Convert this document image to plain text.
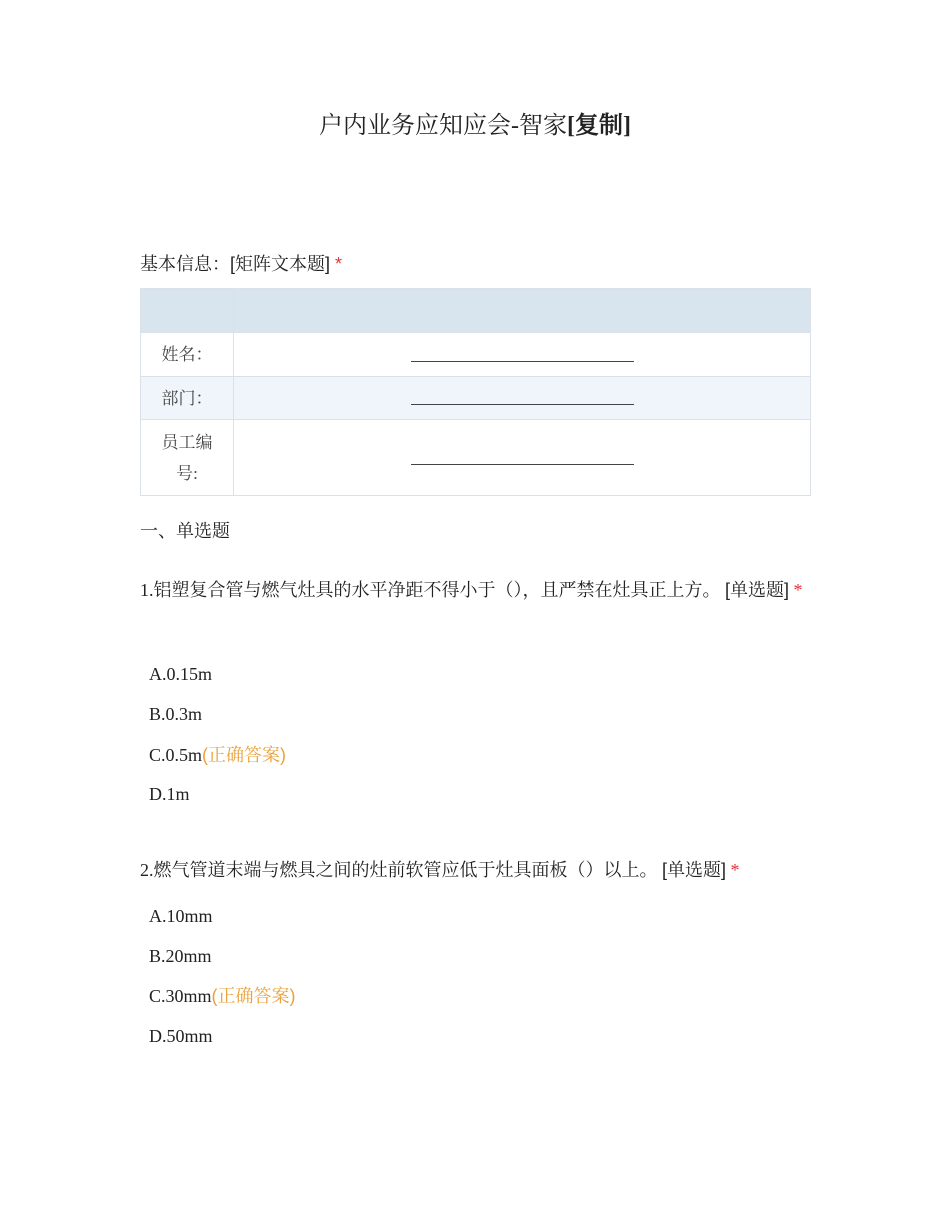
户内业务应知应会-智家[复制]
基本信息：[矩阵文本题] *

姓名：	
部门：	

员工编
号:	

一、单选题
1.铝塑复合管与燃气灶具的水平净距不得小于（），且严禁在灶具正上方。 [单选题] *
A.0.15m
B.0.3m
C.0.5m(正确答案)
D.1m
2.燃气管道末端与燃具之间的灶前软管应低于灶具面板（）以上。 [单选题] *
A.10mm
B.20mm
C.30mm(正确答案)
D.50mm
